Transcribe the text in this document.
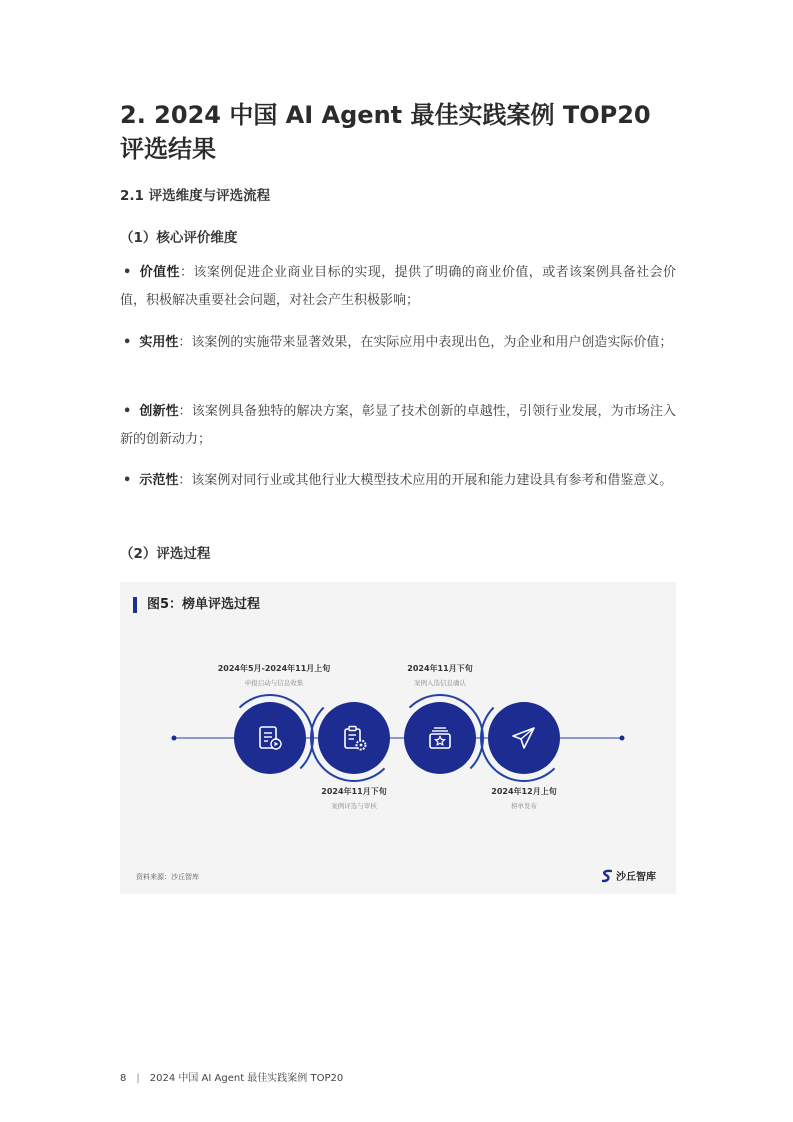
2. 2024 中国 AI Agent 最佳实践案例 TOP20 评选结果
2.1 评选维度与评选流程
（1）核心评价维度
• 价值性：该案例促进企业商业目标的实现，提供了明确的商业价值，或者该案例具备社会价值，积极解决重要社会问题，对社会产生积极影响；
• 实用性：该案例的实施带来显著效果，在实际应用中表现出色，为企业和用户创造实际价值；
• 创新性：该案例具备独特的解决方案，彰显了技术创新的卓越性，引领行业发展，为市场注入新的创新动力；
• 示范性：该案例对同行业或其他行业大模型技术应用的开展和能力建设具有参考和借鉴意义。
（2）评选过程
图5：榜单评选过程
2024年5月-2024年11月上旬
申报启动与信息收集
2024年11月下旬
案例评选与审核
2024年11月下旬
案例入选信息确认
2024年12月上旬
榜单发布
资料来源：沙丘智库	沙丘智库
8 | 2024 中国 AI Agent 最佳实践案例 TOP20
